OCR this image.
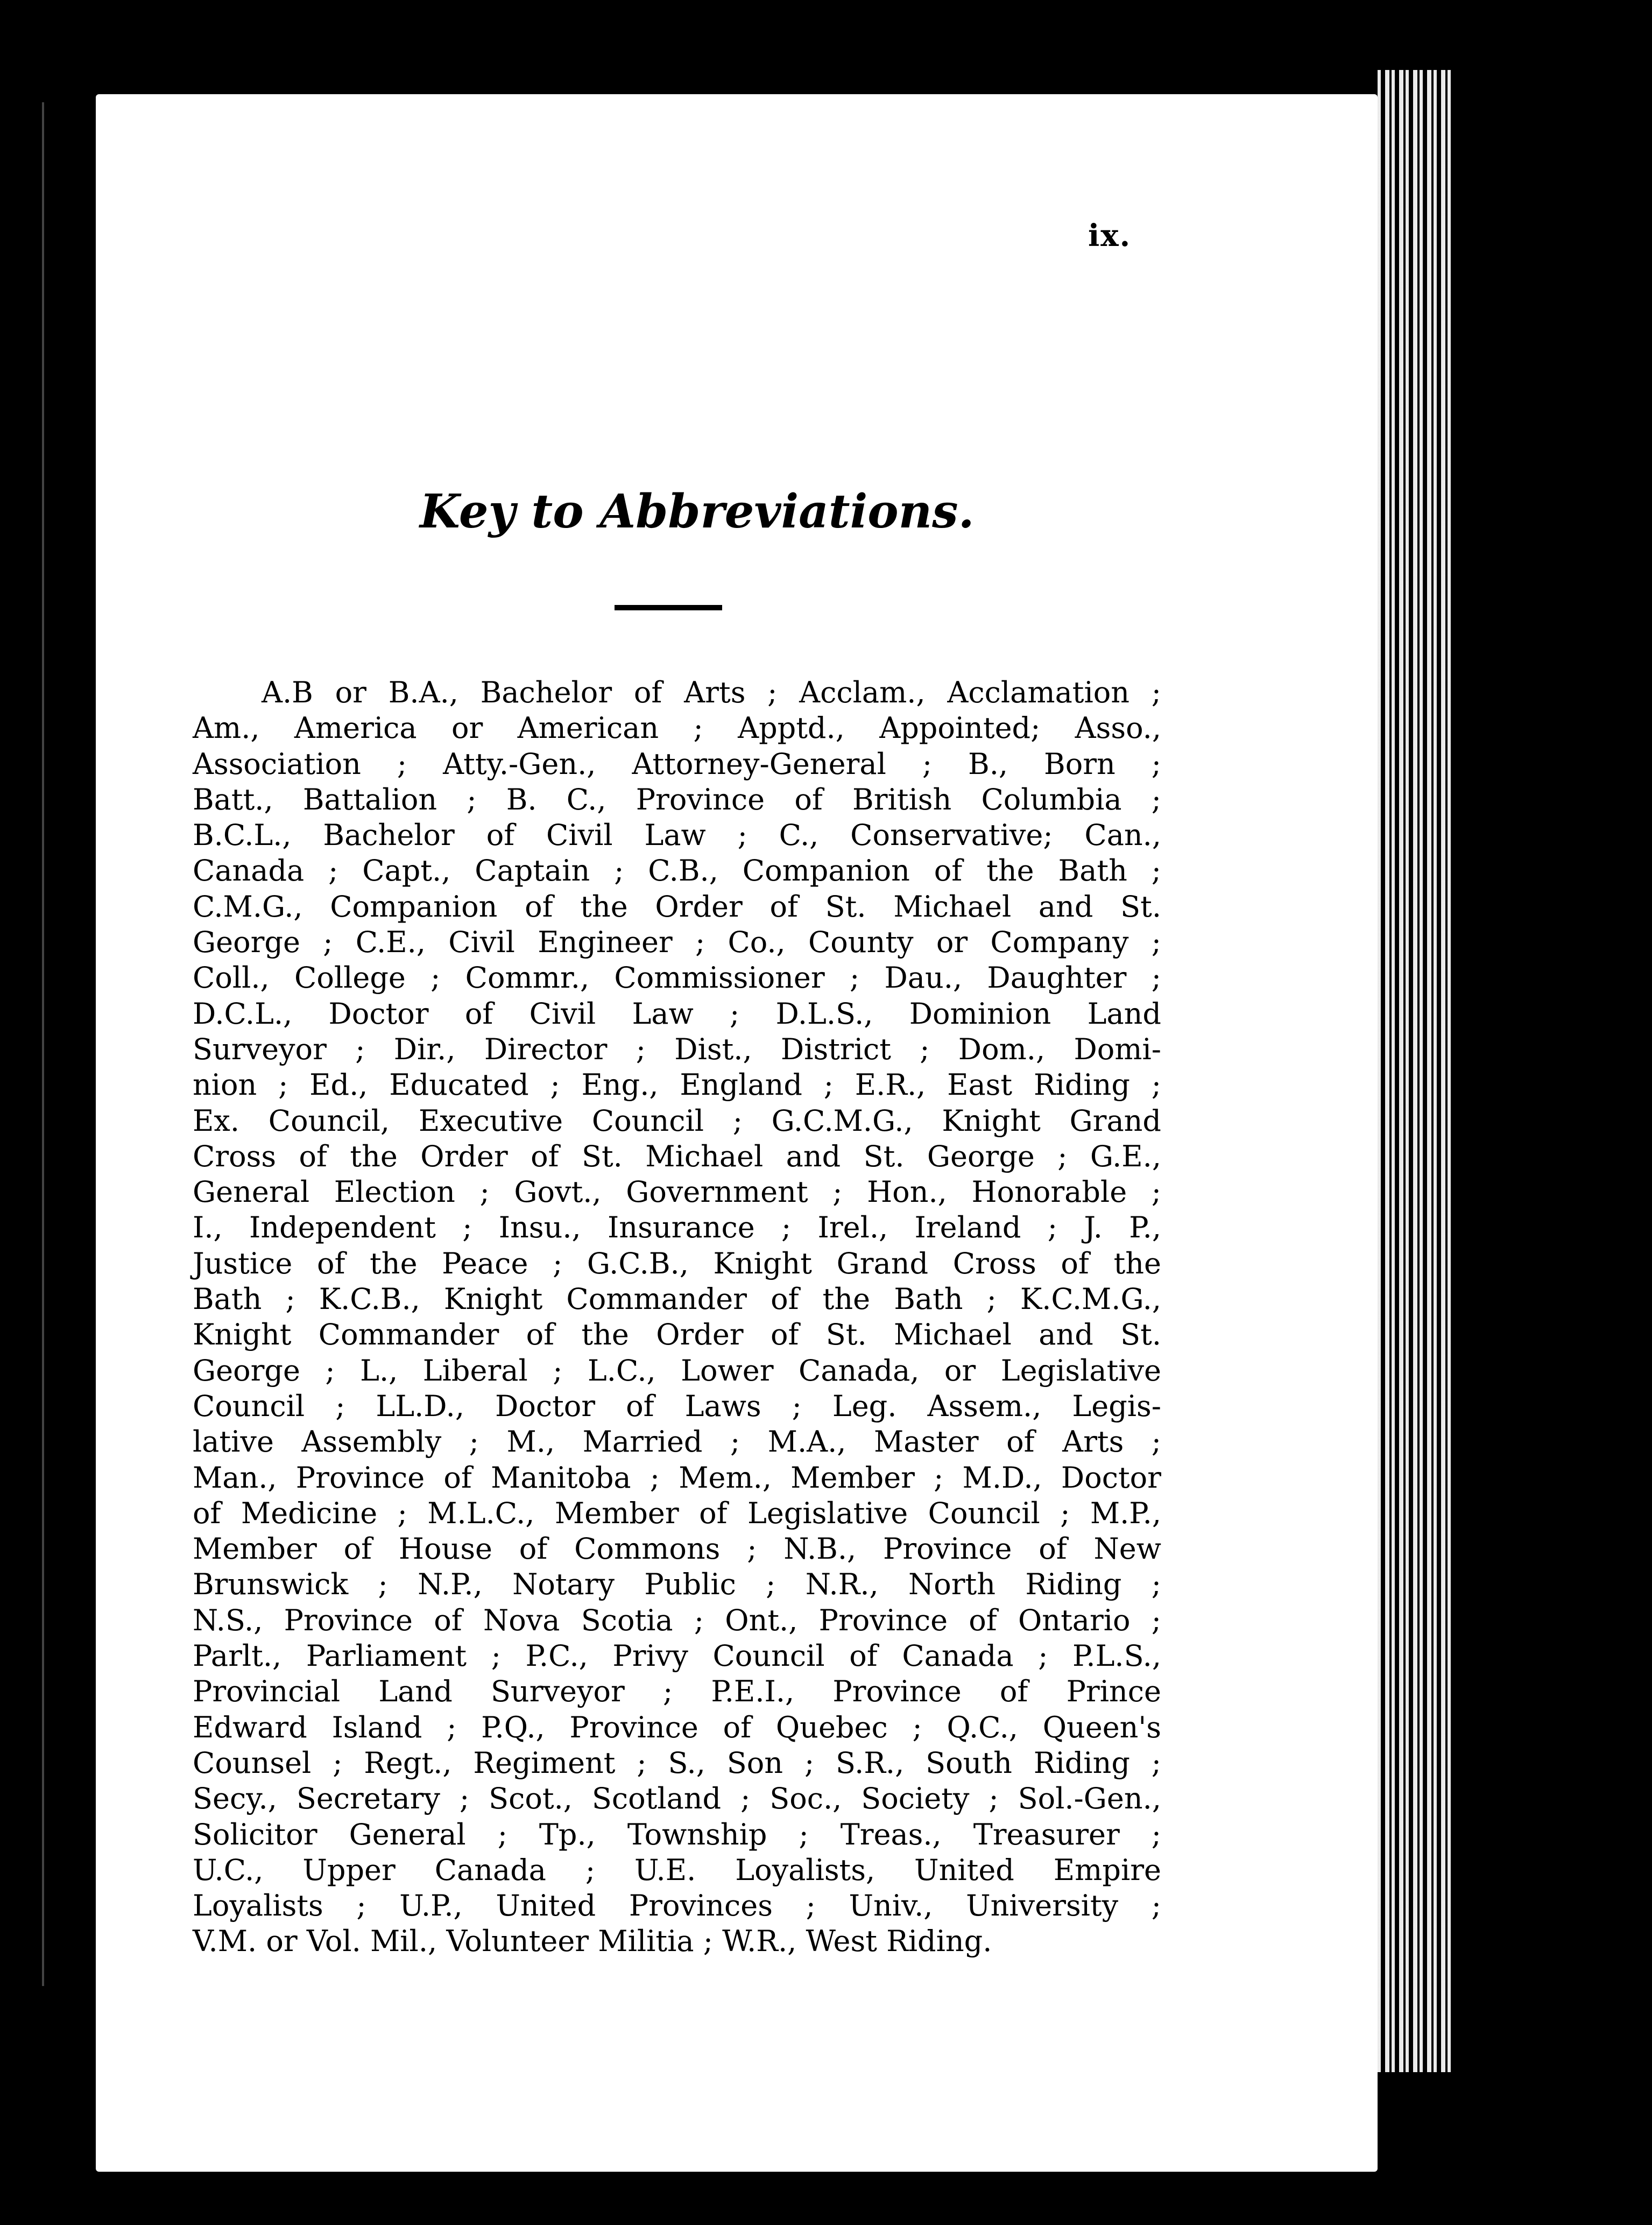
ix.
Key to Abbreviations.
A.B or B.A., Bachelor of Arts ; Acclam., Acclamation ;
Am., America or American ; Apptd., Appointed; Asso.,
Association ; Atty.-Gen., Attorney-General ; B., Born ;
Batt., Battalion ; B. C., Province of British Columbia ;
B.C.L., Bachelor of Civil Law ; C., Conservative; Can.,
Canada ; Capt., Captain ; C.B., Companion of the Bath ;
C.M.G., Companion of the Order of St. Michael and St.
George ; C.E., Civil Engineer ; Co., County or Company ;
Coll., College ; Commr., Commissioner ; Dau., Daughter ;
D.C.L., Doctor of Civil Law ; D.L.S., Dominion Land
Surveyor ; Dir., Director ; Dist., District ; Dom., Domi-
nion ; Ed., Educated ; Eng., England ; E.R., East Riding ;
Ex. Council, Executive Council ; G.C.M.G., Knight Grand
Cross of the Order of St. Michael and St. George ; G.E.,
General Election ; Govt., Government ; Hon., Honorable ;
I., Independent ; Insu., Insurance ; Irel., Ireland ; J. P.,
Justice of the Peace ; G.C.B., Knight Grand Cross of the
Bath ; K.C.B., Knight Commander of the Bath ; K.C.M.G.,
Knight Commander of the Order of St. Michael and St.
George ; L., Liberal ; L.C., Lower Canada, or Legislative
Council ; LL.D., Doctor of Laws ; Leg. Assem., Legis-
lative Assembly ; M., Married ; M.A., Master of Arts ;
Man., Province of Manitoba ; Mem., Member ; M.D., Doctor
of Medicine ; M.L.C., Member of Legislative Council ; M.P.,
Member of House of Commons ; N.B., Province of New
Brunswick ; N.P., Notary Public ; N.R., North Riding ;
N.S., Province of Nova Scotia ; Ont., Province of Ontario ;
Parlt., Parliament ; P.C., Privy Council of Canada ; P.L.S.,
Provincial Land Surveyor ; P.E.I., Province of Prince
Edward Island ; P.Q., Province of Quebec ; Q.C., Queen's
Counsel ; Regt., Regiment ; S., Son ; S.R., South Riding ;
Secy., Secretary ; Scot., Scotland ; Soc., Society ; Sol.-Gen.,
Solicitor General ; Tp., Township ; Treas., Treasurer ;
U.C., Upper Canada ; U.E. Loyalists, United Empire
Loyalists ; U.P., United Provinces ; Univ., University ;
V.M. or Vol. Mil., Volunteer Militia ; W.R., West Riding.
